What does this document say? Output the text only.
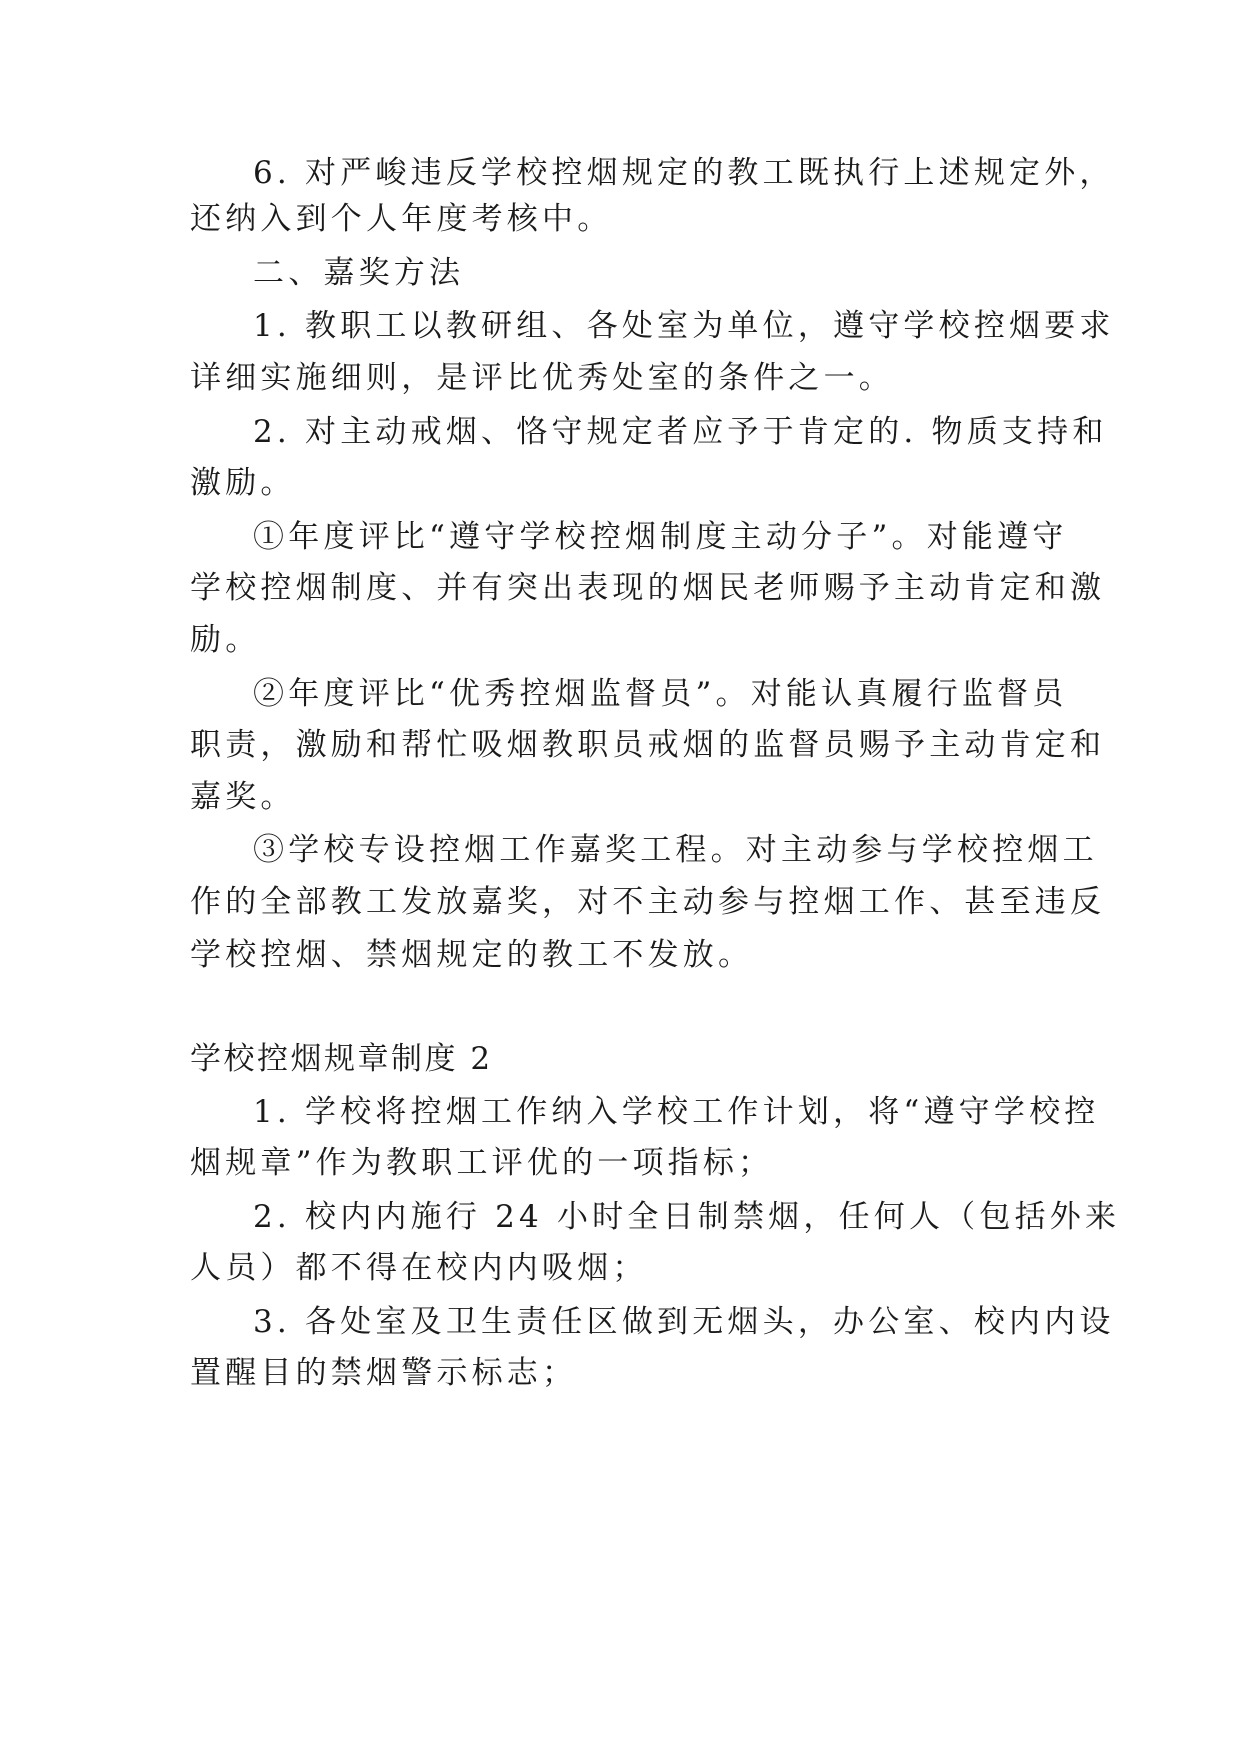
6. 对严峻违反学校控烟规定的教工既执行上述规定外，
还纳入到个人年度考核中。
二、嘉奖方法
1. 教职工以教研组、各处室为单位，遵守学校控烟要求
详细实施细则，是评比优秀处室的条件之一。
2. 对主动戒烟、恪守规定者应予于肯定的. 物质支持和
激励。
①年度评比“遵守学校控烟制度主动分子”。对能遵守
学校控烟制度、并有突出表现的烟民老师赐予主动肯定和激
励。
②年度评比“优秀控烟监督员”。对能认真履行监督员
职责，激励和帮忙吸烟教职员戒烟的监督员赐予主动肯定和
嘉奖。
③学校专设控烟工作嘉奖工程。对主动参与学校控烟工
作的全部教工发放嘉奖，对不主动参与控烟工作、甚至违反
学校控烟、禁烟规定的教工不发放。
学校控烟规章制度 2
1. 学校将控烟工作纳入学校工作计划，将“遵守学校控
烟规章”作为教职工评优的一项指标；
2. 校内内施行 24 小时全日制禁烟，任何人（包括外来
人员）都不得在校内内吸烟；
3. 各处室及卫生责任区做到无烟头，办公室、校内内设
置醒目的禁烟警示标志；
